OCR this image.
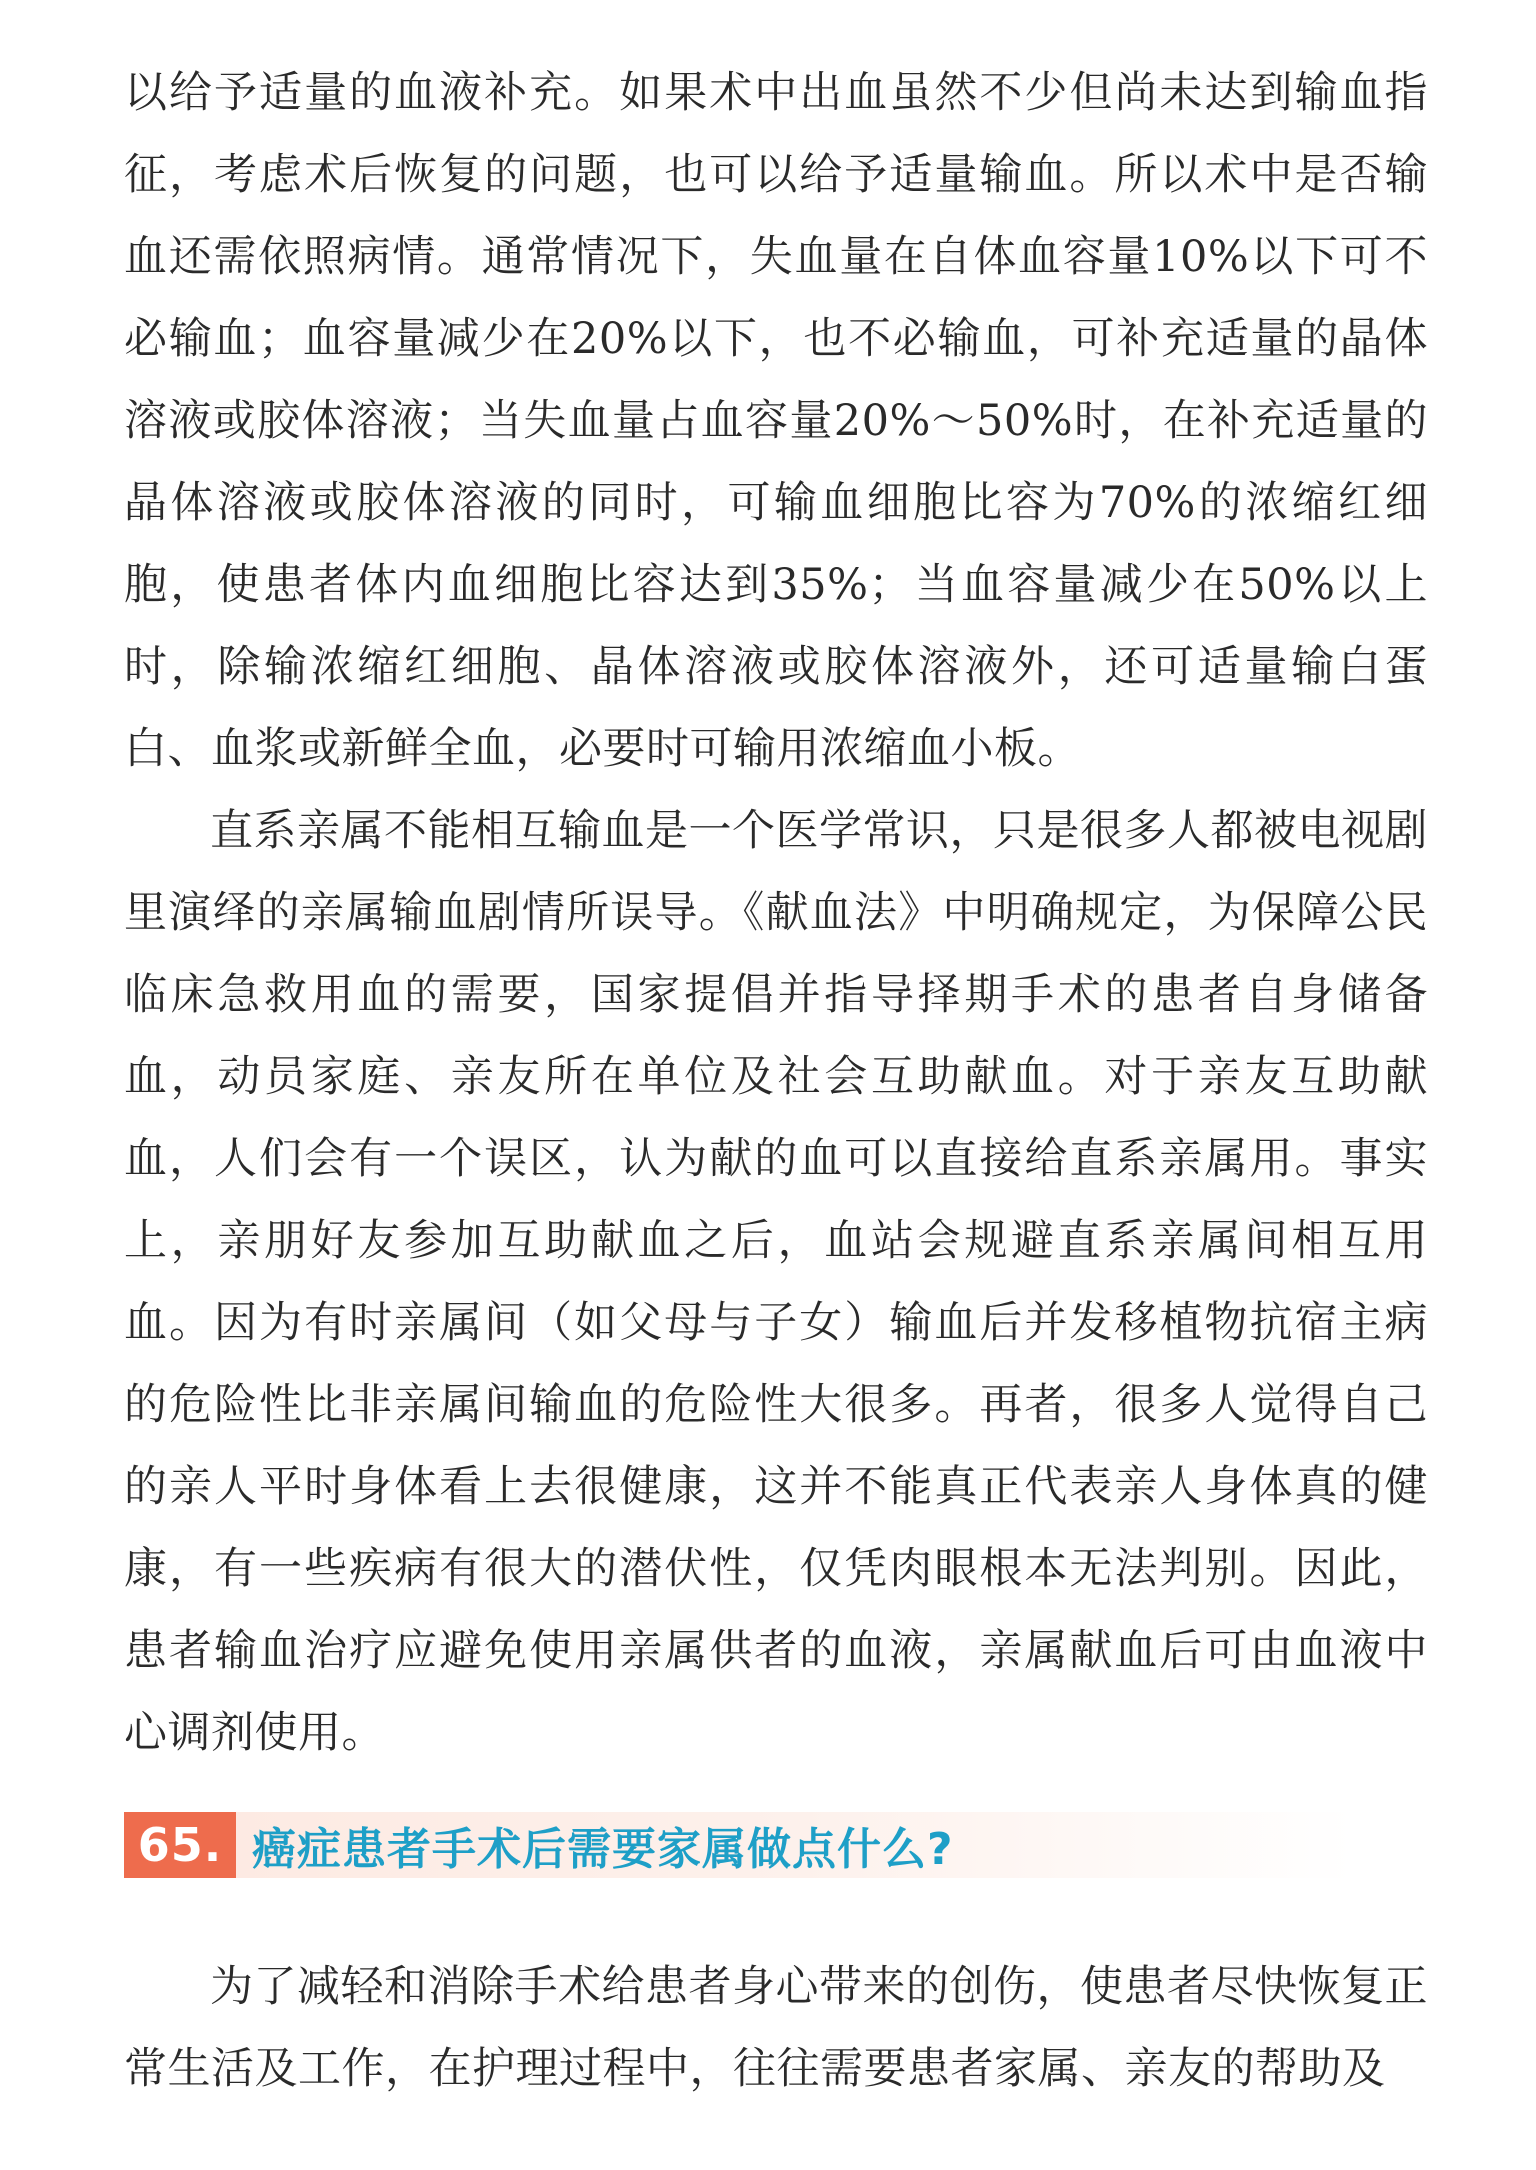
以给予适量的血液补充。如果术中出血虽然不少但尚未达到输血指征，考虑术后恢复的问题，也可以给予适量输血。所以术中是否输血还需依照病情。通常情况下，失血量在自体血容量10%以下可不必输血；血容量减少在20%以下，也不必输血，可补充适量的晶体溶液或胶体溶液；当失血量占血容量20%～50%时，在补充适量的晶体溶液或胶体溶液的同时，可输血细胞比容为70%的浓缩红细胞，使患者体内血细胞比容达到35%；当血容量减少在50%以上时，除输浓缩红细胞、晶体溶液或胶体溶液外，还可适量输白蛋白、血浆或新鲜全血，必要时可输用浓缩血小板。

直系亲属不能相互输血是一个医学常识，只是很多人都被电视剧里演绎的亲属输血剧情所误导。《献血法》中明确规定，为保障公民临床急救用血的需要，国家提倡并指导择期手术的患者自身储备血，动员家庭、亲友所在单位及社会互助献血。对于亲友互助献血，人们会有一个误区，认为献的血可以直接给直系亲属用。事实上，亲朋好友参加互助献血之后，血站会规避直系亲属间相互用血。因为有时亲属间（如父母与子女）输血后并发移植物抗宿主病的危险性比非亲属间输血的危险性大很多。再者，很多人觉得自己的亲人平时身体看上去很健康，这并不能真正代表亲人身体真的健康，有一些疾病有很大的潜伏性，仅凭肉眼根本无法判别。因此，患者输血治疗应避免使用亲属供者的血液，亲属献血后可由血液中心调剂使用。

65. 癌症患者手术后需要家属做点什么?

为了减轻和消除手术给患者身心带来的创伤，使患者尽快恢复正常生活及工作，在护理过程中，往往需要患者家属、亲友的帮助及
